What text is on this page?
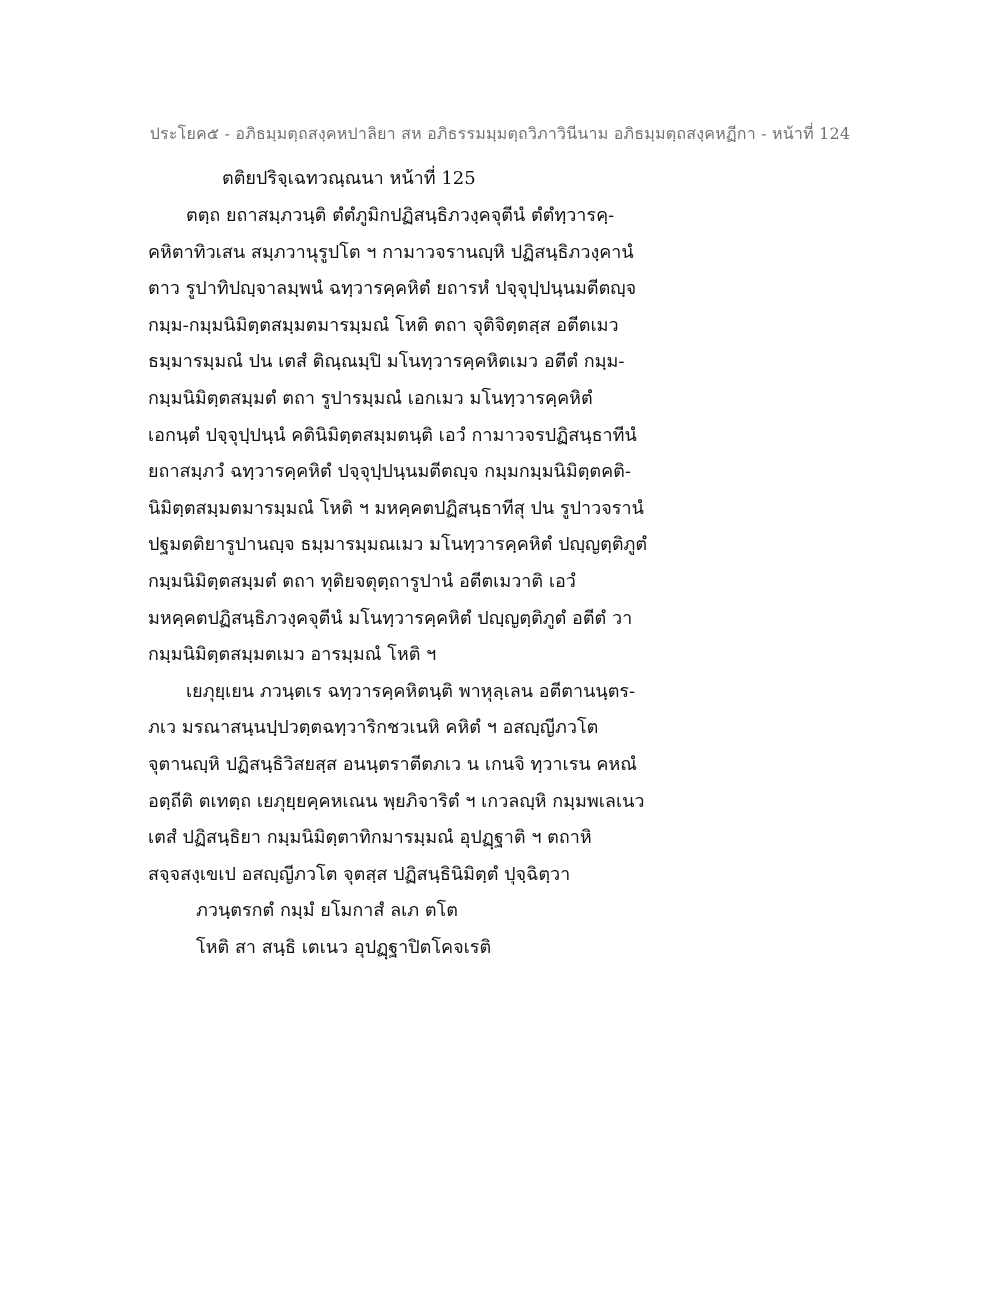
ประโยค๕ - อภิธมฺมตฺถสงฺคหปาลิยา สห อภิธรรมมฺมตฺถวิภาวินีนาม อภิธมฺมตฺถสงฺคหฏีกา - หน้าที่ 124
ตติยปริจฺเฉทวณฺณนา หน้าที่ 125
ตตฺถ ยถาสมฺภวนฺติ ตํตํภูมิกปฏิสนฺธิภวงฺคจุตีนํ ตํตํทฺวารคฺ-
คหิตาทิวเสน สมฺภวานุรูปโต ฯ กามาวจรานญฺหิ ปฏิสนฺธิภวงฺคานํ
ตาว รูปาทิปญฺจาลมฺพนํ ฉทฺวารคฺคหิตํ ยถารหํ ปจฺจุปฺปนฺนมตีตญฺจ
กมฺม-กมฺมนิมิตฺตสมฺมตมารมฺมณํ โหติ ตถา จุติจิตฺตสฺส อตีตเมว
ธมฺมารมฺมณํ ปน เตสํ ติณฺณมฺปิ มโนทฺวารคฺคหิตเมว อตีตํ กมฺม-
กมฺมนิมิตฺตสมฺมตํ ตถา รูปารมฺมณํ เอกเมว มโนทฺวารคฺคหิตํ
เอกนฺตํ ปจฺจุปฺปนฺนํ คตินิมิตฺตสมฺมตนฺติ เอวํ กามาวจรปฏิสนฺธาทีนํ
ยถาสมฺภวํ ฉทฺวารคฺคหิตํ ปจฺจุปฺปนฺนมตีตญฺจ กมฺมกมฺมนิมิตฺตคติ-
นิมิตฺตสมฺมตมารมฺมณํ โหติ ฯ มหคฺคตปฏิสนฺธาทีสุ ปน รูปาวจรานํ
ปฐมตติยารูปานญฺจ ธมฺมารมฺมณเมว มโนทฺวารคฺคหิตํ ปญฺญตฺติภูตํ
กมฺมนิมิตฺตสมฺมตํ ตถา ทุติยจตุตฺถารูปานํ อตีตเมวาติ เอวํ
มหคฺคตปฏิสนฺธิภวงฺคจุตีนํ มโนทฺวารคฺคหิตํ ปญฺญตฺติภูตํ อตีตํ วา
กมฺมนิมิตฺตสมฺมตเมว อารมฺมณํ โหติ ฯ
เยภุยฺเยน ภวนฺตเร ฉทฺวารคฺคหิตนฺติ พาหุลฺเลน อตีตานนฺตร-
ภเว มรณาสนฺนปฺปวตฺตฉทฺวาริกชวเนหิ คหิตํ ฯ อสญฺญีภวโต
จุตานญฺหิ ปฏิสนฺธิวิสยสฺส อนนฺตราตีตภเว น เกนจิ ทฺวาเรน คหณํ
อตฺถีติ ตเทตฺถ เยภุยฺยคฺคหเณน พฺยภิจาริตํ ฯ เกวลญฺหิ กมฺมพเลเนว
เตสํ ปฏิสนฺธิยา กมฺมนิมิตฺตาทิกมารมฺมณํ อุปฏฺฐาติ ฯ ตถาหิ
สจฺจสงฺเขเป อสญฺญีภวโต จุตสฺส ปฏิสนฺธินิมิตฺตํ ปุจฺฉิตฺวา
ภวนฺตรกตํ กมฺมํ ยโมกาสํ ลเภ ตโต
โหติ สา สนฺธิ เตเนว อุปฏฺฐาปิตโคจเรติ
